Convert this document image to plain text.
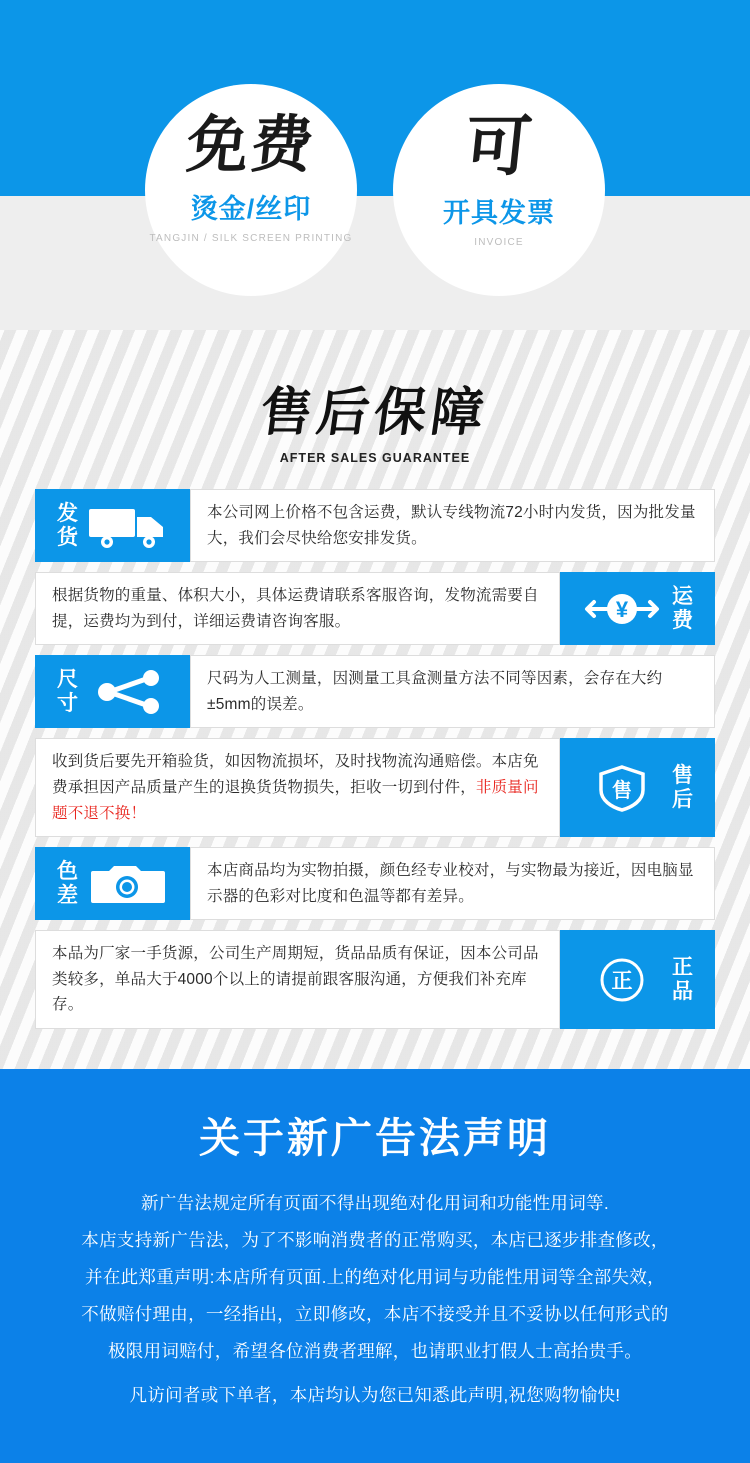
免费
烫金/丝印
TANGJIN / SILK SCREEN PRINTING
可
开具发票
INVOICE
售后保障
AFTER SALES GUARANTEE
发货

本公司网上价格不包含运费，默认专线物流72小时内发货，因为批发量大，我们会尽快给您安排发货。

根据货物的重量、体积大小，具体运费请联系客服咨询，发物流需要自提，运费均为到付，详细运费请咨询客服。	¥
运费
尺寸

尺码为人工测量，因测量工具盒测量方法不同等因素，会存在大约±5mm的误差。

收到货后要先开箱验货，如因物流损坏，及时找物流沟通赔偿。本店免费承担因产品质量产生的退换货货物损失，拒收一切到付件，非质量问题不退不换！

售
售后
色差

本店商品均为实物拍摄，颜色经专业校对，与实物最为接近，因电脑显示器的色彩对比度和色温等都有差异。

本品为厂家一手货源，公司生产周期短，货品品质有保证，因本公司品类较多，单品大于4000个以上的请提前跟客服沟通，方便我们补充库存。

正
正品
关于新广告法声明

新广告法规定所有页面不得出现绝对化用词和功能性用词等.

本店支持新广告法，为了不影响消费者的正常购买，本店已逐步排查修改，

并在此郑重声明:本店所有页面.上的绝对化用词与功能性用词等全部失效，

不做赔付理由，一经指出，立即修改，本店不接受并且不妥协以任何形式的

极限用词赔付，希望各位消费者理解，也请职业打假人士高抬贵手。

凡访问者或下单者，本店均认为您已知悉此声明,祝您购物愉快!
